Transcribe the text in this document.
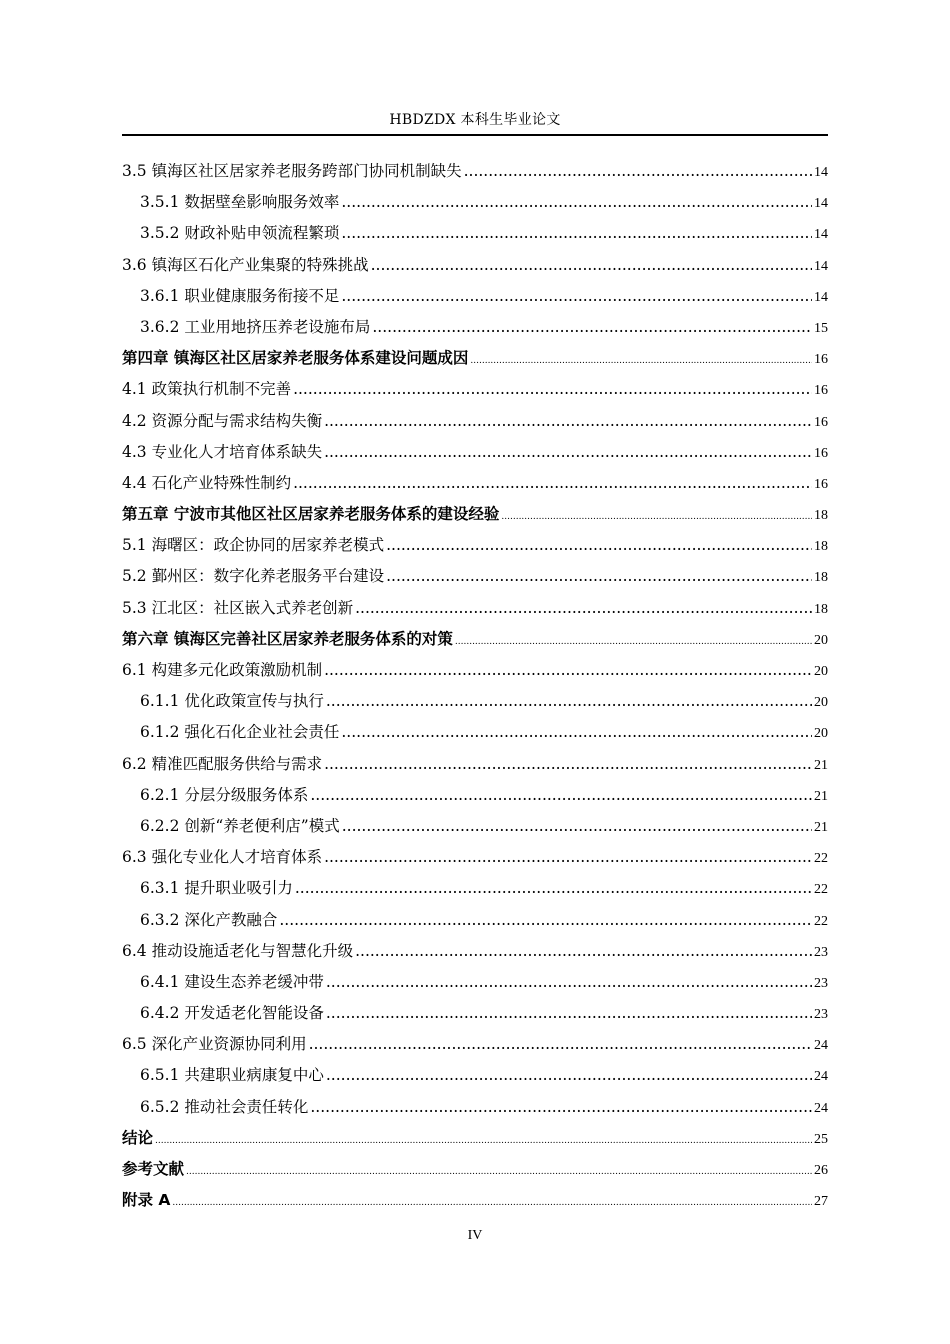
HBDZDX 本科生毕业论文
3.5 镇海区社区居家养老服务跨部门协同机制缺失 .....	14
3.5.1 数据壁垒影响服务效率 .....	14
3.5.2 财政补贴申领流程繁琐 .....	14
3.6 镇海区石化产业集聚的特殊挑战 .....	14
3.6.1 职业健康服务衔接不足 .....	14
3.6.2 工业用地挤压养老设施布局 .....	15
第四章 镇海区社区居家养老服务体系建设问题成因 .....	16
4.1 政策执行机制不完善 .....	16
4.2 资源分配与需求结构失衡 .....	16
4.3 专业化人才培育体系缺失 .....	16
4.4 石化产业特殊性制约 .....	16
第五章 宁波市其他区社区居家养老服务体系的建设经验 .....	18
5.1 海曙区：政企协同的居家养老模式 .....	18
5.2 鄞州区：数字化养老服务平台建设 .....	18
5.3 江北区：社区嵌入式养老创新 .....	18
第六章 镇海区完善社区居家养老服务体系的对策 .....	20
6.1 构建多元化政策激励机制 .....	20
6.1.1 优化政策宣传与执行 .....	20
6.1.2 强化石化企业社会责任 .....	20
6.2 精准匹配服务供给与需求 .....	21
6.2.1 分层分级服务体系 .....	21
6.2.2 创新“养老便利店”模式 .....	21
6.3 强化专业化人才培育体系 .....	22
6.3.1 提升职业吸引力 .....	22
6.3.2 深化产教融合 .....	22
6.4 推动设施适老化与智慧化升级 .....	23
6.4.1 建设生态养老缓冲带 .....	23
6.4.2 开发适老化智能设备 .....	23
6.5 深化产业资源协同利用 .....	24
6.5.1 共建职业病康复中心 .....	24
6.5.2 推动社会责任转化 .....	24
结论 .....	25
参考文献 .....	26
附录 A .....	27
IV
